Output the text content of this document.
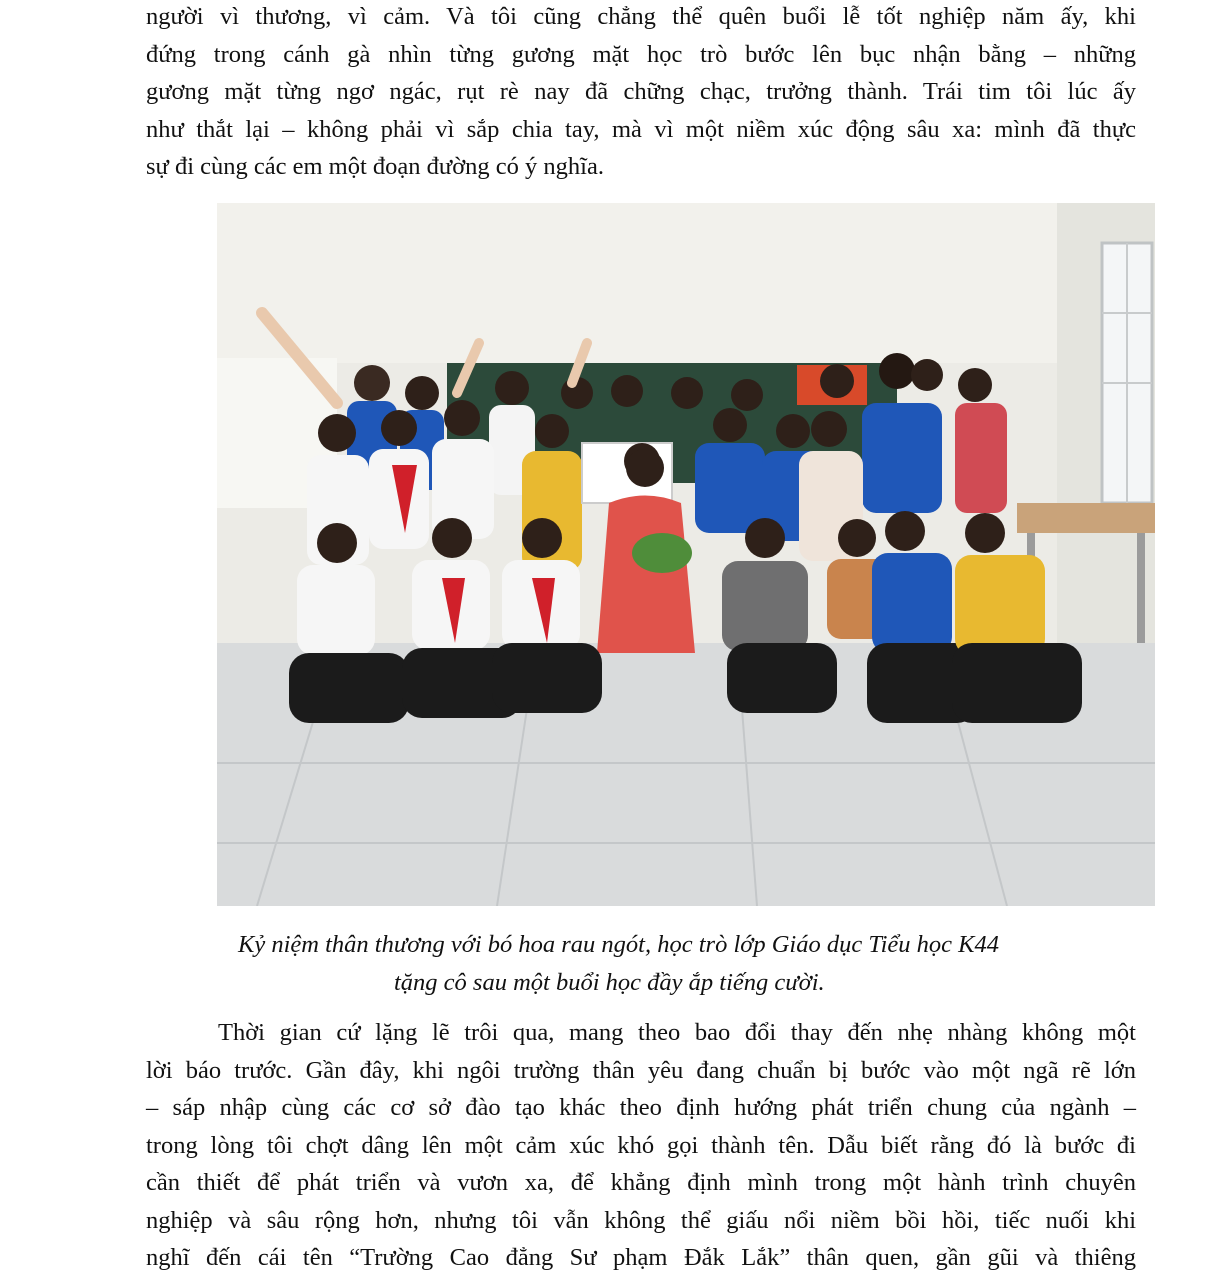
người vì thương, vì cảm. Và tôi cũng chẳng thể quên buổi lễ tốt nghiệp năm ấy, khi
đứng trong cánh gà nhìn từng gương mặt học trò bước lên bục nhận bằng – những
gương mặt từng ngơ ngác, rụt rè nay đã chững chạc, trưởng thành. Trái tim tôi lúc ấy
như thắt lại – không phải vì sắp chia tay, mà vì một niềm xúc động sâu xa: mình đã thực
sự đi cùng các em một đoạn đường có ý nghĩa.

Kỷ niệm thân thương với bó hoa rau ngót, học trò lớp Giáo dục Tiểu học K44

tặng cô sau một buổi học đầy ắp tiếng cười.

Thời gian cứ lặng lẽ trôi qua, mang theo bao đổi thay đến nhẹ nhàng không một
lời báo trước. Gần đây, khi ngôi trường thân yêu đang chuẩn bị bước vào một ngã rẽ lớn
– sáp nhập cùng các cơ sở đào tạo khác theo định hướng phát triển chung của ngành –
trong lòng tôi chợt dâng lên một cảm xúc khó gọi thành tên. Dẫu biết rằng đó là bước đi
cần thiết để phát triển và vươn xa, để khẳng định mình trong một hành trình chuyên
nghiệp và sâu rộng hơn, nhưng tôi vẫn không thể giấu nổi niềm bồi hồi, tiếc nuối khi
nghĩ đến cái tên “Trường Cao đẳng Sư phạm Đắk Lắk” thân quen, gần gũi và thiêng
